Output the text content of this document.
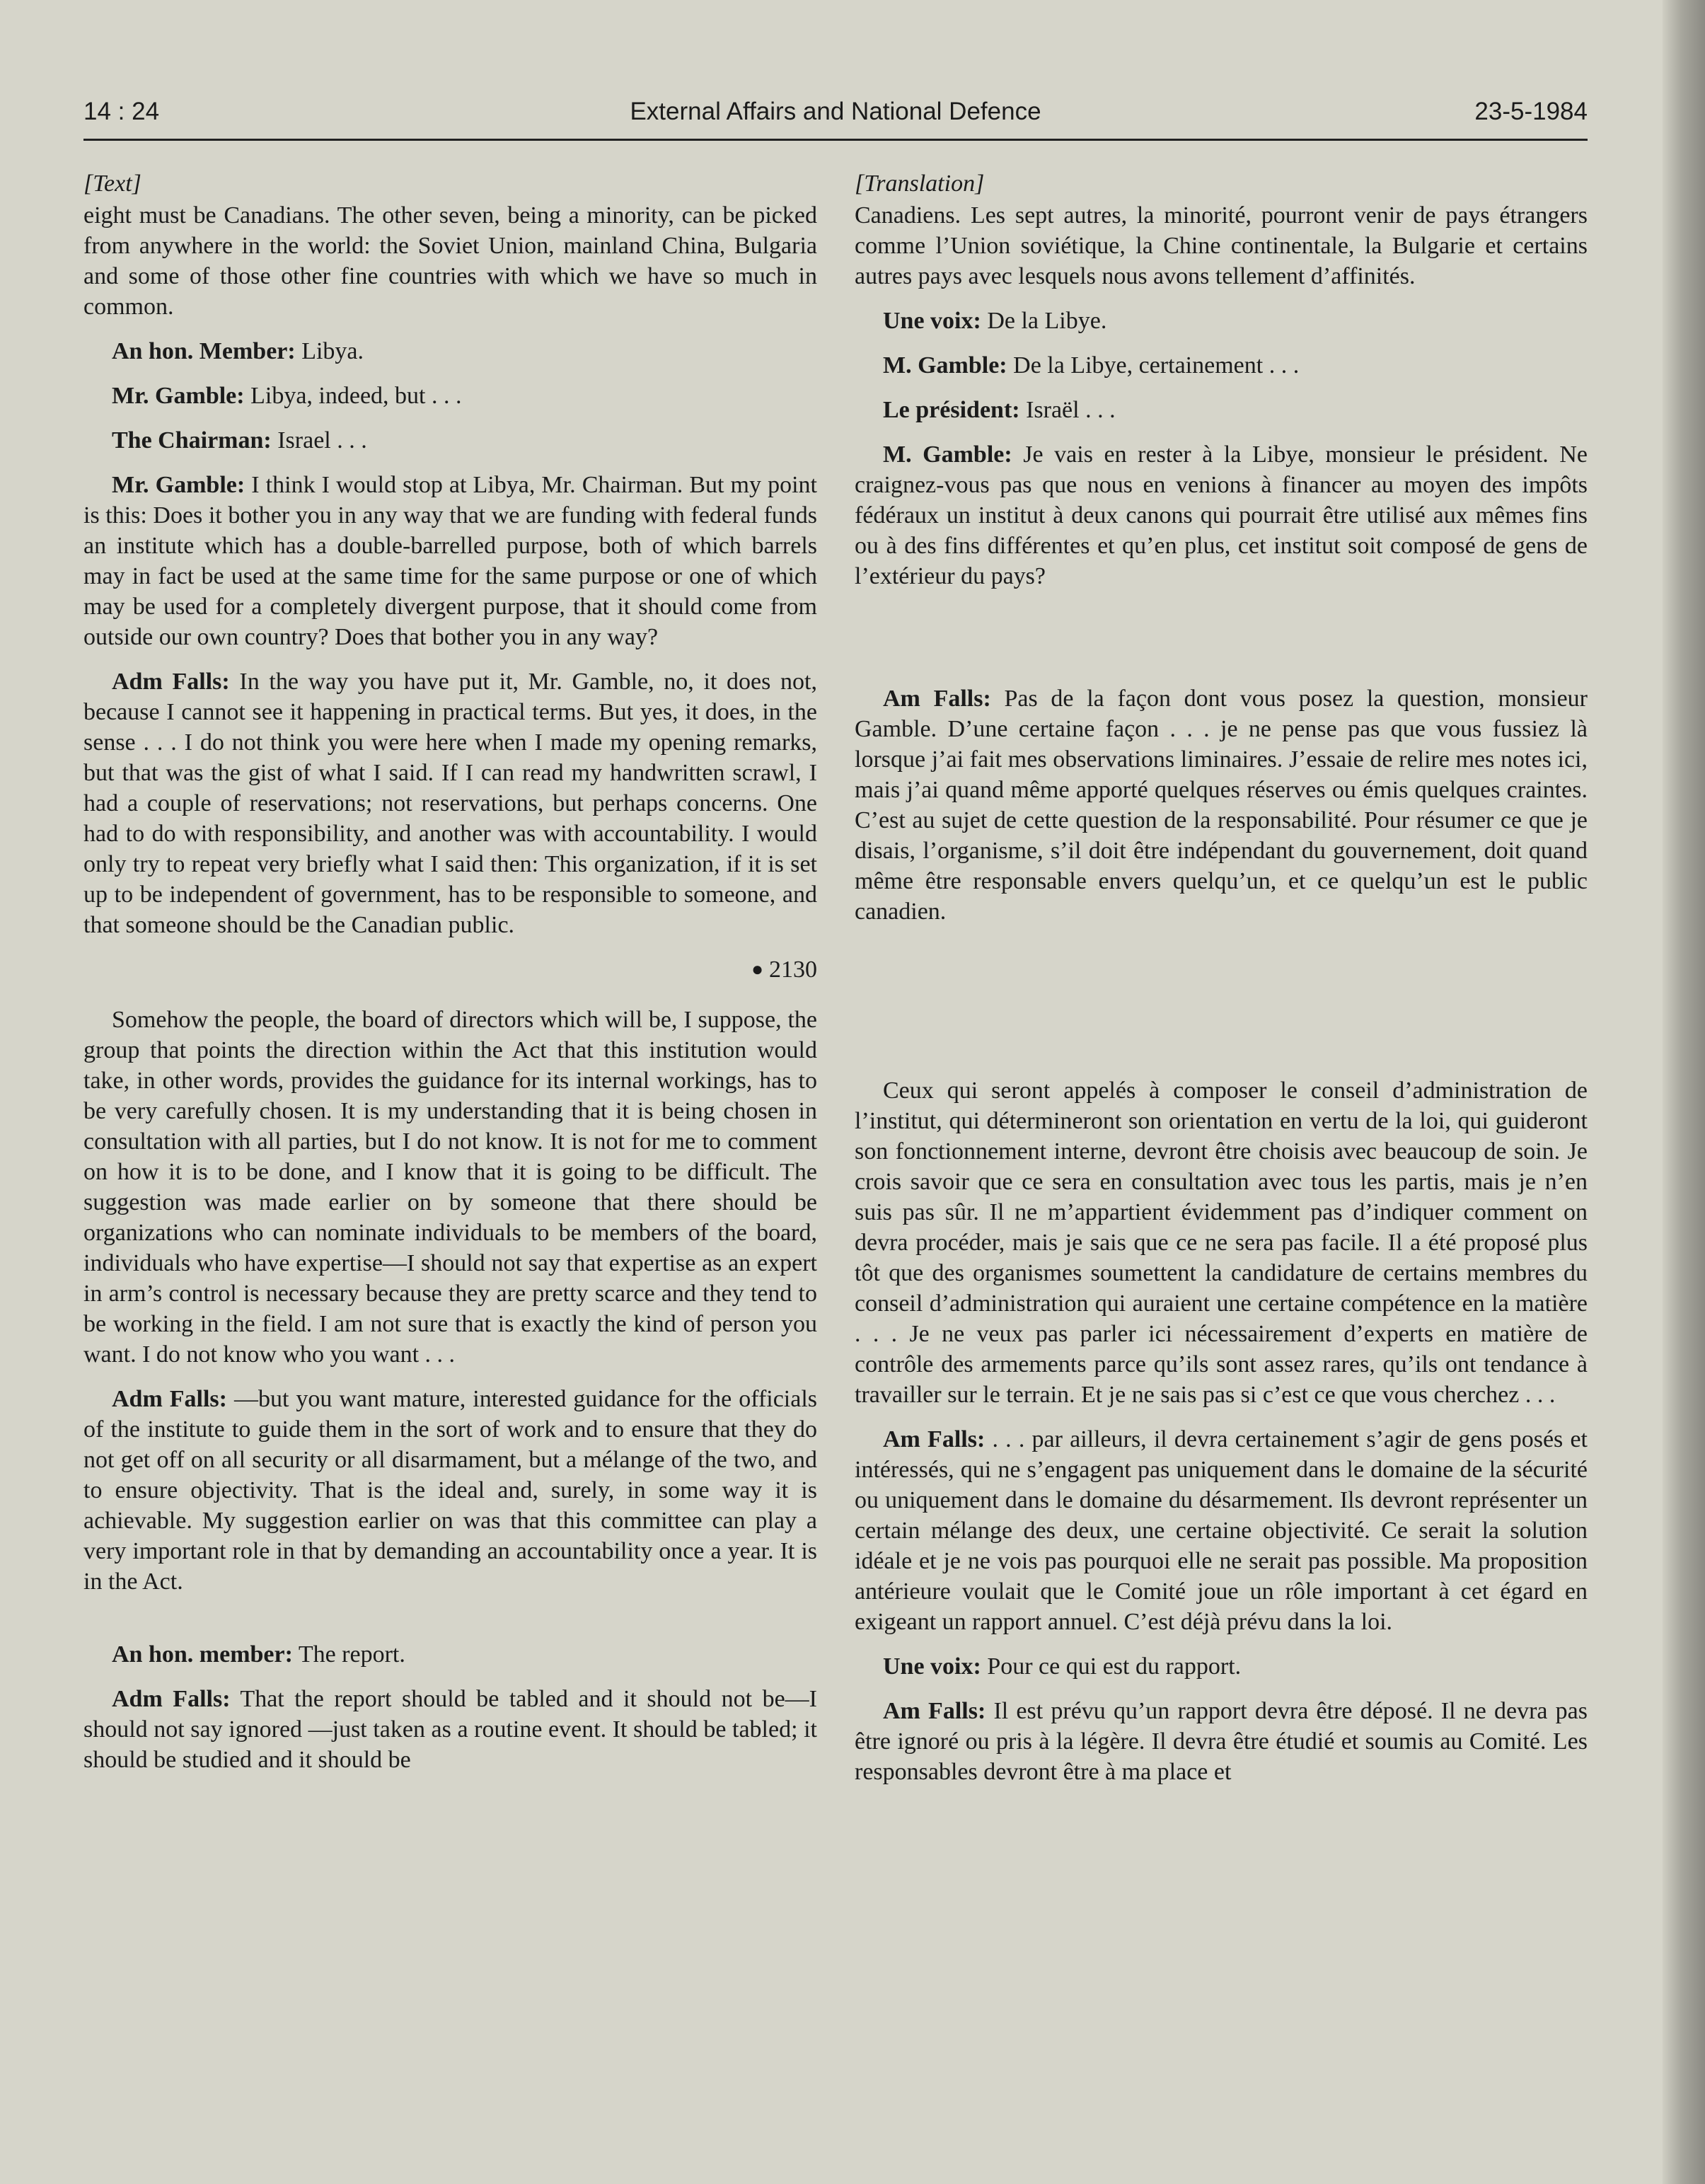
14 : 24	External Affairs and National Defence	23-5-1984
[Text]

eight must be Canadians. The other seven, being a minority, can be picked from anywhere in the world: the Soviet Union, mainland China, Bulgaria and some of those other fine countries with which we have so much in common.

An hon. Member: Libya.

Mr. Gamble: Libya, indeed, but . . .

The Chairman: Israel . . .

Mr. Gamble: I think I would stop at Libya, Mr. Chairman. But my point is this: Does it bother you in any way that we are funding with federal funds an institute which has a double-barrelled purpose, both of which barrels may in fact be used at the same time for the same purpose or one of which may be used for a completely divergent purpose, that it should come from outside our own country? Does that bother you in any way?

Adm Falls: In the way you have put it, Mr. Gamble, no, it does not, because I cannot see it happening in practical terms. But yes, it does, in the sense . . . I do not think you were here when I made my opening remarks, but that was the gist of what I said. If I can read my handwritten scrawl, I had a couple of reservations; not reservations, but perhaps concerns. One had to do with responsibility, and another was with accountability. I would only try to repeat very briefly what I said then: This organization, if it is set up to be independent of government, has to be responsible to someone, and that someone should be the Canadian public.

● 2130

Somehow the people, the board of directors which will be, I suppose, the group that points the direction within the Act that this institution would take, in other words, provides the guidance for its internal workings, has to be very carefully chosen. It is my understanding that it is being chosen in consultation with all parties, but I do not know. It is not for me to comment on how it is to be done, and I know that it is going to be difficult. The suggestion was made earlier on by someone that there should be organizations who can nominate individuals to be members of the board, individuals who have expertise—I should not say that expertise as an expert in arm’s control is necessary because they are pretty scarce and they tend to be working in the field. I am not sure that is exactly the kind of person you want. I do not know who you want . . .

Adm Falls: —but you want mature, interested guidance for the officials of the institute to guide them in the sort of work and to ensure that they do not get off on all security or all disarmament, but a mélange of the two, and to ensure objectivity. That is the ideal and, surely, in some way it is achievable. My suggestion earlier on was that this committee can play a very important role in that by demanding an accountability once a year. It is in the Act.

An hon. member: The report.

Adm Falls: That the report should be tabled and it should not be—I should not say ignored —just taken as a routine event. It should be tabled; it should be studied and it should be

[Translation]

Canadiens. Les sept autres, la minorité, pourront venir de pays étrangers comme l’Union soviétique, la Chine continentale, la Bulgarie et certains autres pays avec lesquels nous avons tellement d’affinités.

Une voix: De la Libye.

M. Gamble: De la Libye, certainement . . .

Le président: Israël . . .

M. Gamble: Je vais en rester à la Libye, monsieur le président. Ne craignez-vous pas que nous en venions à financer au moyen des impôts fédéraux un institut à deux canons qui pourrait être utilisé aux mêmes fins ou à des fins différentes et qu’en plus, cet institut soit composé de gens de l’extérieur du pays?

Am Falls: Pas de la façon dont vous posez la question, monsieur Gamble. D’une certaine façon . . . je ne pense pas que vous fussiez là lorsque j’ai fait mes observations liminaires. J’essaie de relire mes notes ici, mais j’ai quand même apporté quelques réserves ou émis quelques craintes. C’est au sujet de cette question de la responsabilité. Pour résumer ce que je disais, l’organisme, s’il doit être indépendant du gouvernement, doit quand même être responsable envers quelqu’un, et ce quelqu’un est le public canadien.

Ceux qui seront appelés à composer le conseil d’administration de l’institut, qui détermineront son orientation en vertu de la loi, qui guideront son fonctionnement interne, devront être choisis avec beaucoup de soin. Je crois savoir que ce sera en consultation avec tous les partis, mais je n’en suis pas sûr. Il ne m’appartient évidemment pas d’indiquer comment on devra procéder, mais je sais que ce ne sera pas facile. Il a été proposé plus tôt que des organismes soumettent la candidature de certains membres du conseil d’administration qui auraient une certaine compétence en la matière . . . Je ne veux pas parler ici nécessairement d’experts en matière de contrôle des armements parce qu’ils sont assez rares, qu’ils ont tendance à travailler sur le terrain. Et je ne sais pas si c’est ce que vous cherchez . . .

Am Falls: . . . par ailleurs, il devra certainement s’agir de gens posés et intéressés, qui ne s’engagent pas uniquement dans le domaine de la sécurité ou uniquement dans le domaine du désarmement. Ils devront représenter un certain mélange des deux, une certaine objectivité. Ce serait la solution idéale et je ne vois pas pourquoi elle ne serait pas possible. Ma proposition antérieure voulait que le Comité joue un rôle important à cet égard en exigeant un rapport annuel. C’est déjà prévu dans la loi.

Une voix: Pour ce qui est du rapport.

Am Falls: Il est prévu qu’un rapport devra être déposé. Il ne devra pas être ignoré ou pris à la légère. Il devra être étudié et soumis au Comité. Les responsables devront être à ma place et
